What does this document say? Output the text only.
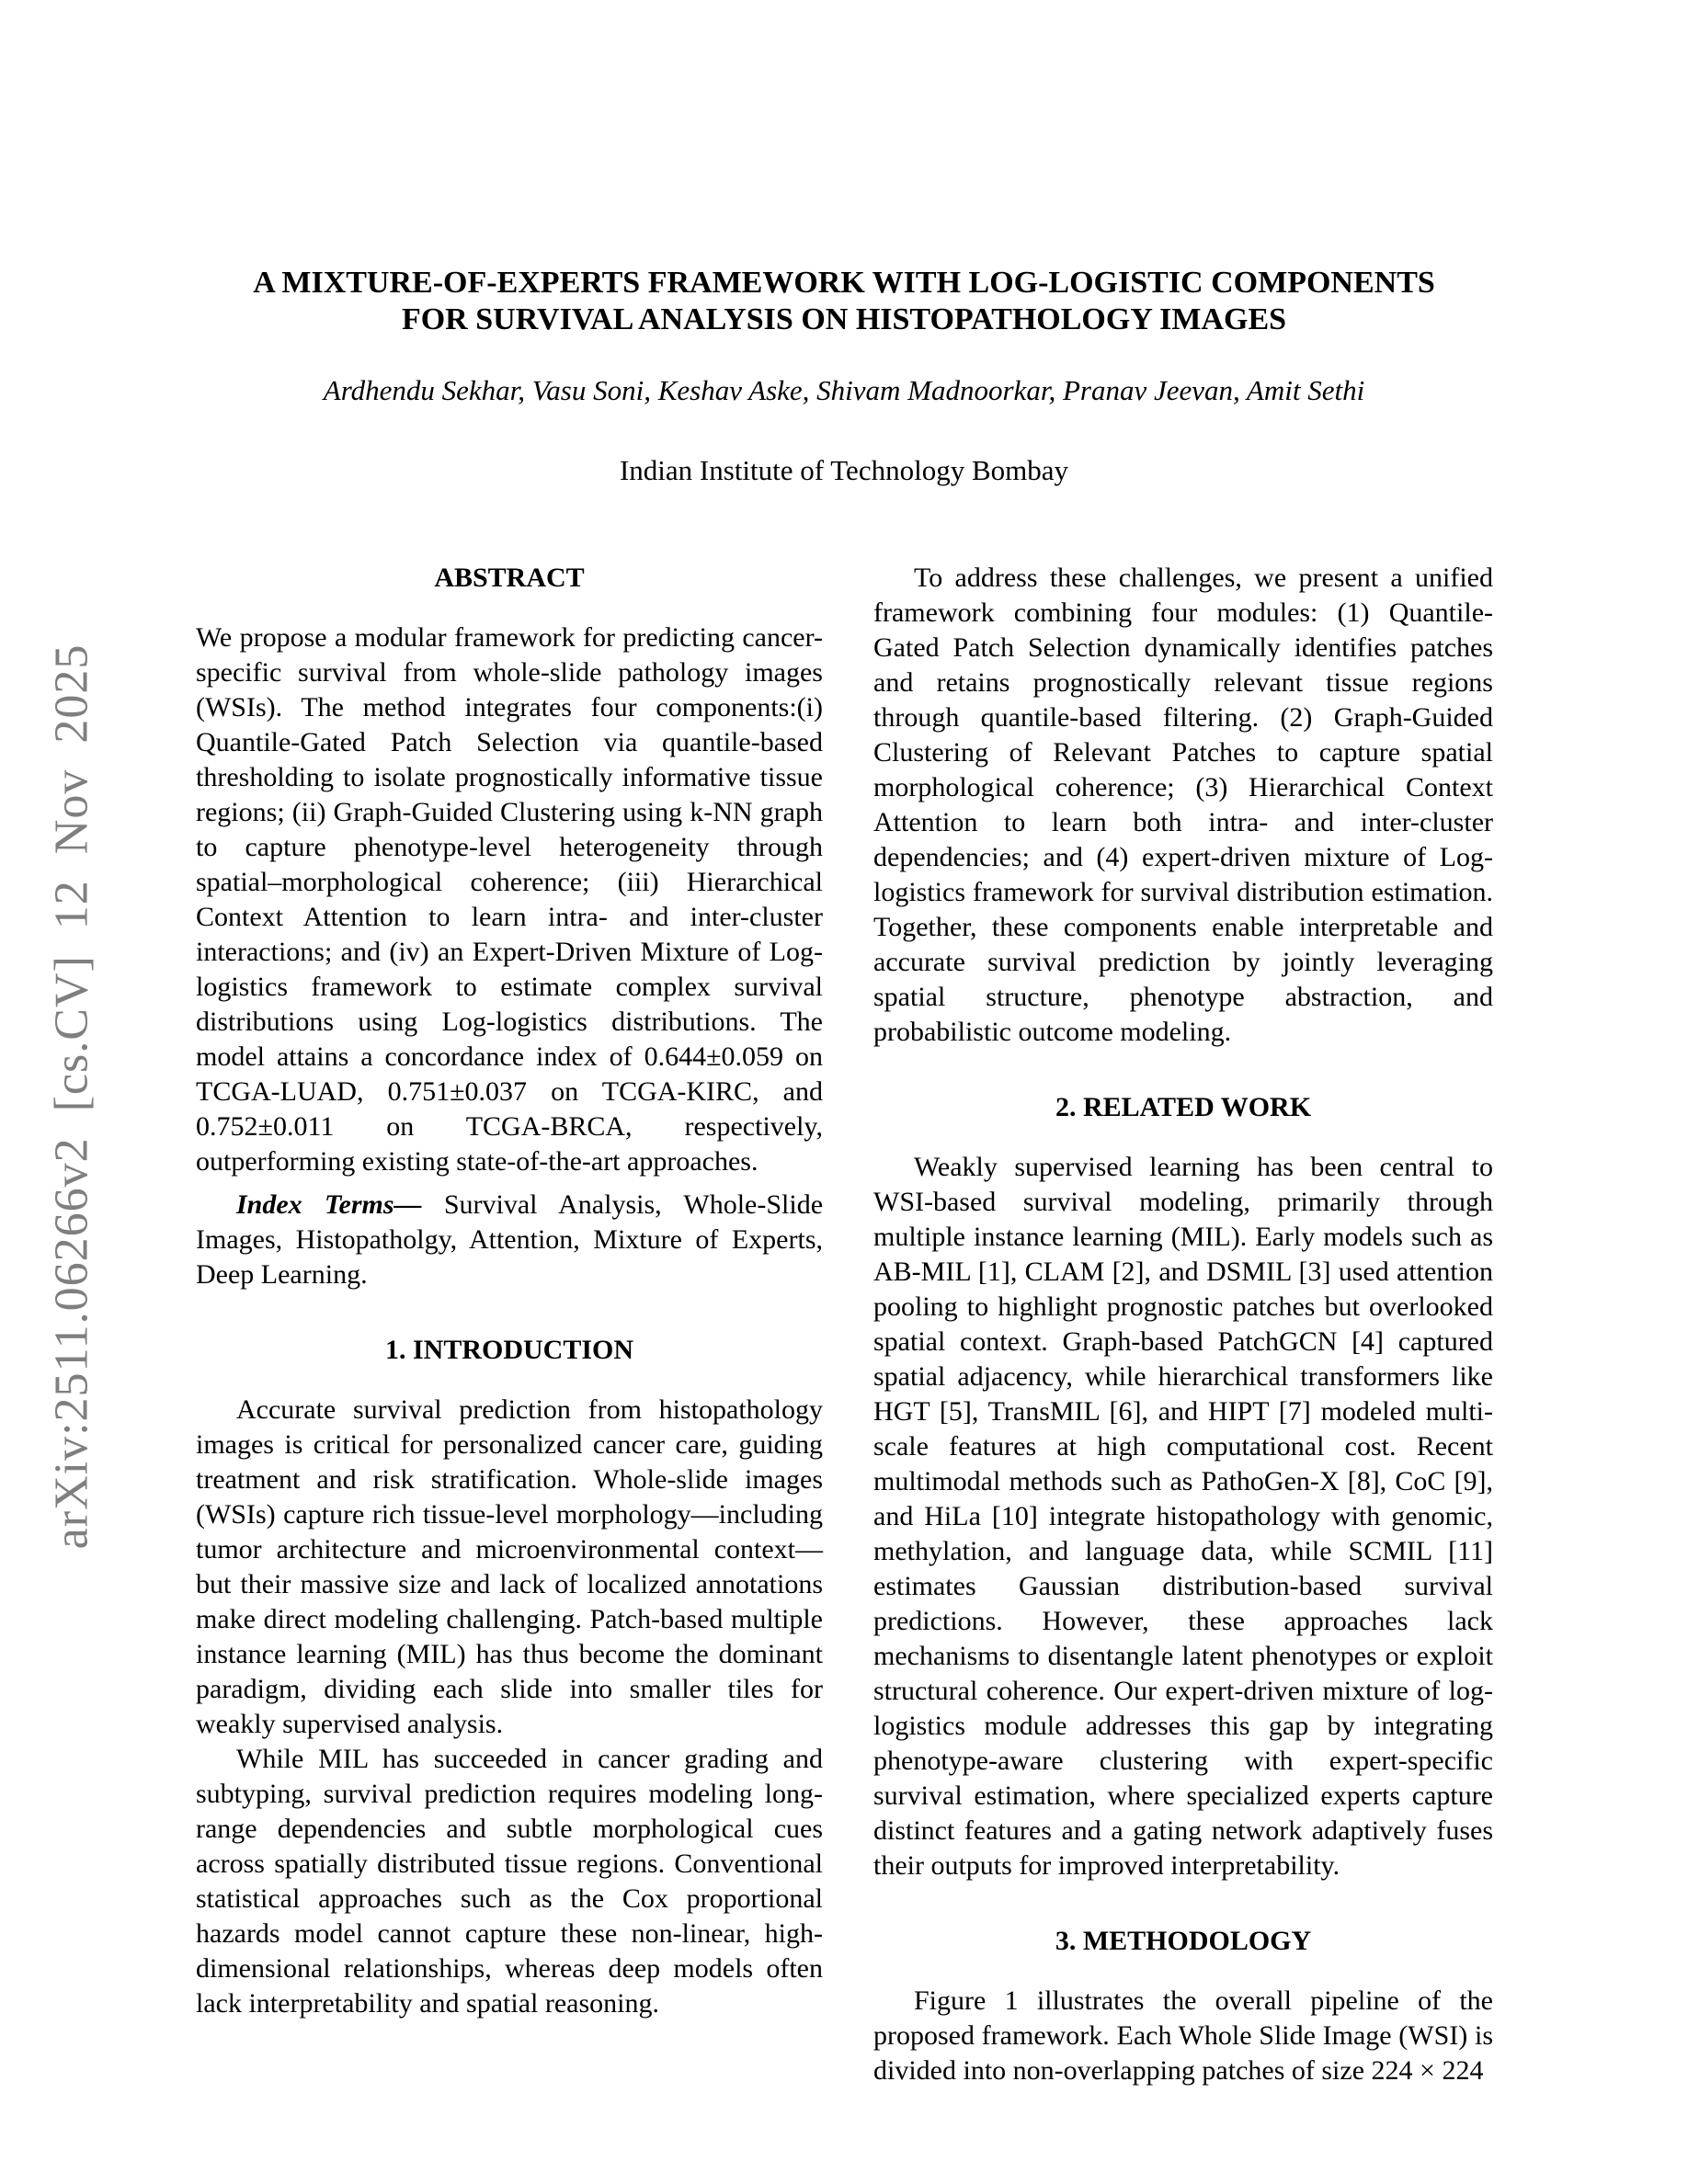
arXiv:2511.06266v2 [cs.CV] 12 Nov 2025
A MIXTURE-OF-EXPERTS FRAMEWORK WITH LOG-LOGISTIC COMPONENTS
FOR SURVIVAL ANALYSIS ON HISTOPATHOLOGY IMAGES
Ardhendu Sekhar, Vasu Soni, Keshav Aske, Shivam Madnoorkar, Pranav Jeevan, Amit Sethi
Indian Institute of Technology Bombay
ABSTRACT

We propose a modular framework for predicting cancer-specific survival from whole-slide pathology images (WSIs). The method integrates four components:(i) Quantile-Gated Patch Selection via quantile-based thresholding to isolate prognostically informative tissue regions; (ii) Graph-Guided Clustering using k-NN graph to capture phenotype-level heterogeneity through spatial–morphological coherence; (iii) Hierarchical Context Attention to learn intra- and inter-cluster interactions; and (iv) an Expert-Driven Mixture of Log-logistics framework to estimate complex survival distributions using Log-logistics distributions. The model attains a concordance index of 0.644±0.059 on TCGA-LUAD, 0.751±0.037 on TCGA-KIRC, and 0.752±0.011 on TCGA-BRCA, respectively, outperforming existing state-of-the-art approaches.

Index Terms— Survival Analysis, Whole-Slide Images, Histopatholgy, Attention, Mixture of Experts, Deep Learning.

1. INTRODUCTION

Accurate survival prediction from histopathology images is critical for personalized cancer care, guiding treatment and risk stratification. Whole-slide images (WSIs) capture rich tissue-level morphology—including tumor architecture and microenvironmental context—but their massive size and lack of localized annotations make direct modeling challenging. Patch-based multiple instance learning (MIL) has thus become the dominant paradigm, dividing each slide into smaller tiles for weakly supervised analysis.

While MIL has succeeded in cancer grading and subtyping, survival prediction requires modeling long-range dependencies and subtle morphological cues across spatially distributed tissue regions. Conventional statistical approaches such as the Cox proportional hazards model cannot capture these non-linear, high-dimensional relationships, whereas deep models often lack interpretability and spatial reasoning.

To address these challenges, we present a unified framework combining four modules: (1) Quantile-Gated Patch Selection dynamically identifies patches and retains prognostically relevant tissue regions through quantile-based filtering. (2) Graph-Guided Clustering of Relevant Patches to capture spatial morphological coherence; (3) Hierarchical Context Attention to learn both intra- and inter-cluster dependencies; and (4) expert-driven mixture of Log-logistics framework for survival distribution estimation. Together, these components enable interpretable and accurate survival prediction by jointly leveraging spatial structure, phenotype abstraction, and probabilistic outcome modeling.

2. RELATED WORK

Weakly supervised learning has been central to WSI-based survival modeling, primarily through multiple instance learning (MIL). Early models such as AB-MIL [1], CLAM [2], and DSMIL [3] used attention pooling to highlight prognostic patches but overlooked spatial context. Graph-based PatchGCN [4] captured spatial adjacency, while hierarchical transformers like HGT [5], TransMIL [6], and HIPT [7] modeled multi-scale features at high computational cost. Recent multimodal methods such as PathoGen-X [8], CoC [9], and HiLa [10] integrate histopathology with genomic, methylation, and language data, while SCMIL [11] estimates Gaussian distribution-based survival predictions. However, these approaches lack mechanisms to disentangle latent phenotypes or exploit structural coherence. Our expert-driven mixture of log-logistics module addresses this gap by integrating phenotype-aware clustering with expert-specific survival estimation, where specialized experts capture distinct features and a gating network adaptively fuses their outputs for improved interpretability.

3. METHODOLOGY

Figure 1 illustrates the overall pipeline of the proposed framework. Each Whole Slide Image (WSI) is divided into non-overlapping patches of size 224 × 224
